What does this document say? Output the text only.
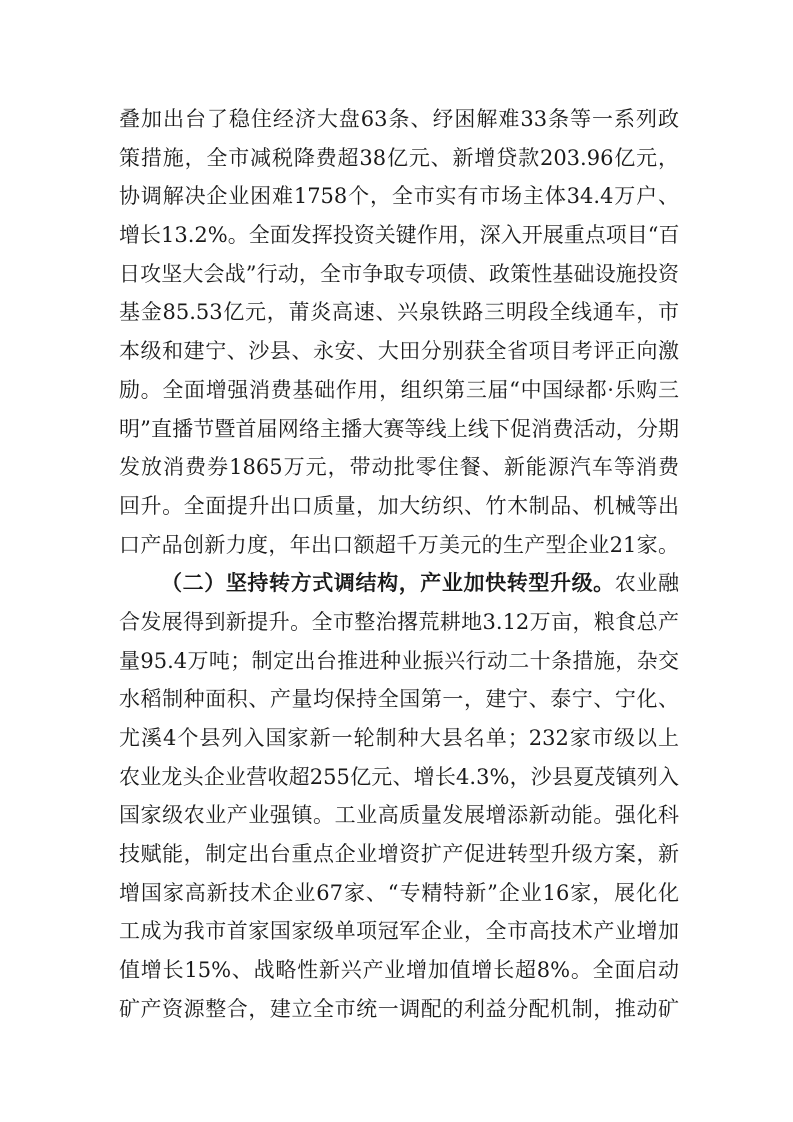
叠加出台了稳住经济大盘63条、纾困解难33条等一系列政
策措施，全市减税降费超38亿元、新增贷款203.96亿元，
协调解决企业困难1758个，全市实有市场主体34.4万户、
增长13.2%。全面发挥投资关键作用，深入开展重点项目“百
日攻坚大会战”行动，全市争取专项债、政策性基础设施投资
基金85.53亿元，莆炎高速、兴泉铁路三明段全线通车，市
本级和建宁、沙县、永安、大田分别获全省项目考评正向激
励。全面增强消费基础作用，组织第三届“中国绿都·乐购三
明”直播节暨首届网络主播大赛等线上线下促消费活动，分期
发放消费券1865万元，带动批零住餐、新能源汽车等消费
回升。全面提升出口质量，加大纺织、竹木制品、机械等出
口产品创新力度，年出口额超千万美元的生产型企业21家。
（二）坚持转方式调结构，产业加快转型升级。农业融
合发展得到新提升。全市整治撂荒耕地3.12万亩，粮食总产
量95.4万吨；制定出台推进种业振兴行动二十条措施，杂交
水稻制种面积、产量均保持全国第一，建宁、泰宁、宁化、
尤溪4个县列入国家新一轮制种大县名单；232家市级以上
农业龙头企业营收超255亿元、增长4.3%，沙县夏茂镇列入
国家级农业产业强镇。工业高质量发展增添新动能。强化科
技赋能，制定出台重点企业增资扩产促进转型升级方案，新
增国家高新技术企业67家、“专精特新”企业16家，展化化
工成为我市首家国家级单项冠军企业，全市高技术产业增加
值增长15%、战略性新兴产业增加值增长超8%。全面启动
矿产资源整合，建立全市统一调配的利益分配机制，推动矿
